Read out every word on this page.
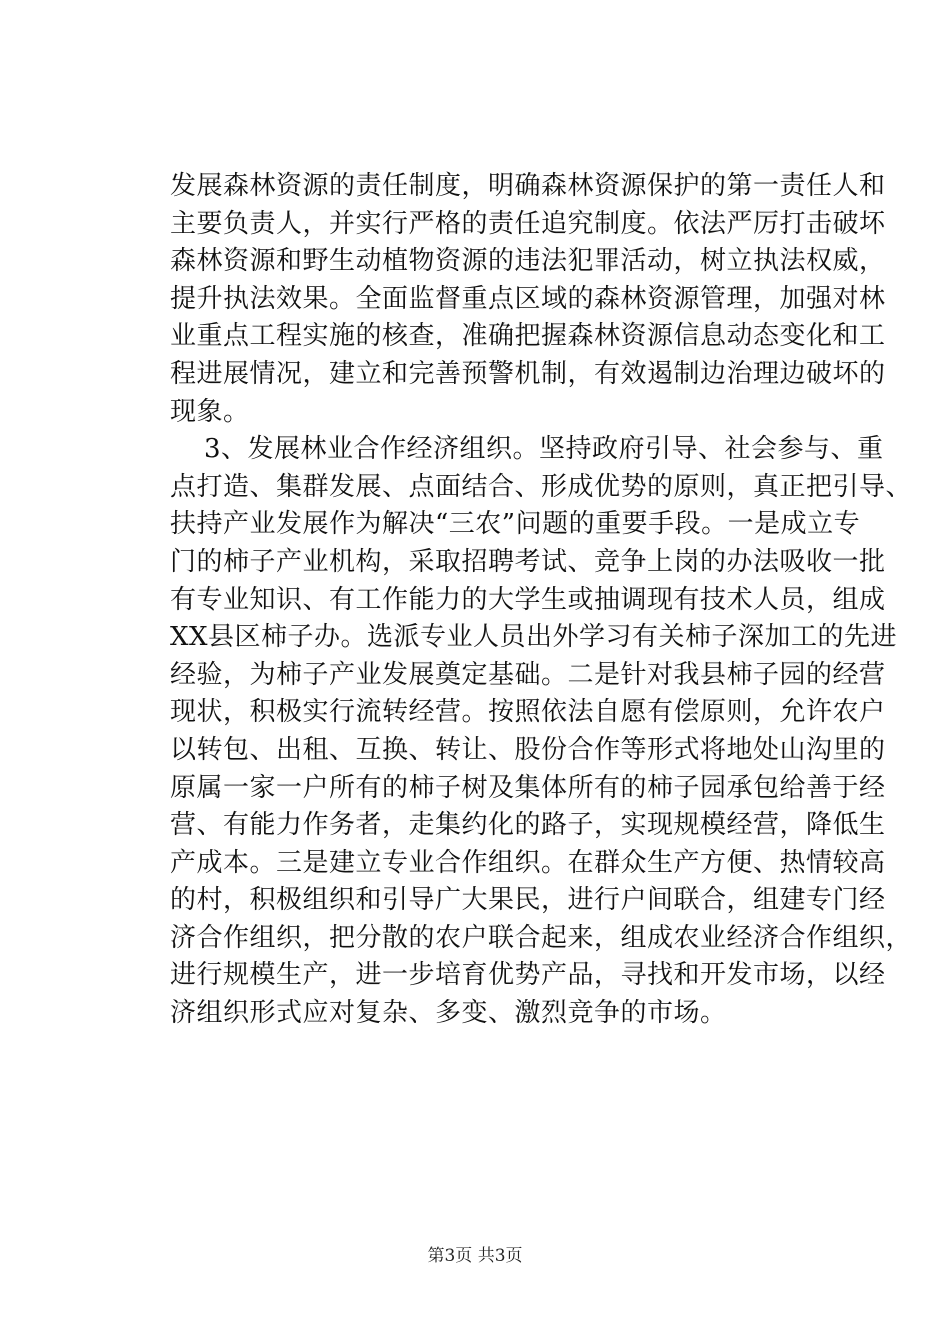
发展森林资源的责任制度，明确森林资源保护的第一责任人和
主要负责人，并实行严格的责任追究制度。依法严厉打击破坏
森林资源和野生动植物资源的违法犯罪活动，树立执法权威，
提升执法效果。全面监督重点区域的森林资源管理，加强对林
业重点工程实施的核查，准确把握森林资源信息动态变化和工
程进展情况，建立和完善预警机制，有效遏制边治理边破坏的
现象。
3、发展林业合作经济组织。坚持政府引导、社会参与、重
点打造、集群发展、点面结合、形成优势的原则，真正把引导、
扶持产业发展作为解决“三农”问题的重要手段。一是成立专
门的柿子产业机构，采取招聘考试、竞争上岗的办法吸收一批
有专业知识、有工作能力的大学生或抽调现有技术人员，组成
XX县区柿子办。选派专业人员出外学习有关柿子深加工的先进
经验，为柿子产业发展奠定基础。二是针对我县柿子园的经营
现状，积极实行流转经营。按照依法自愿有偿原则，允许农户
以转包、出租、互换、转让、股份合作等形式将地处山沟里的
原属一家一户所有的柿子树及集体所有的柿子园承包给善于经
营、有能力作务者，走集约化的路子，实现规模经营，降低生
产成本。三是建立专业合作组织。在群众生产方便、热情较高
的村，积极组织和引导广大果民，进行户间联合，组建专门经
济合作组织，把分散的农户联合起来，组成农业经济合作组织，
进行规模生产，进一步培育优势产品，寻找和开发市场，以经
济组织形式应对复杂、多变、激烈竞争的市场。
第3页 共3页
